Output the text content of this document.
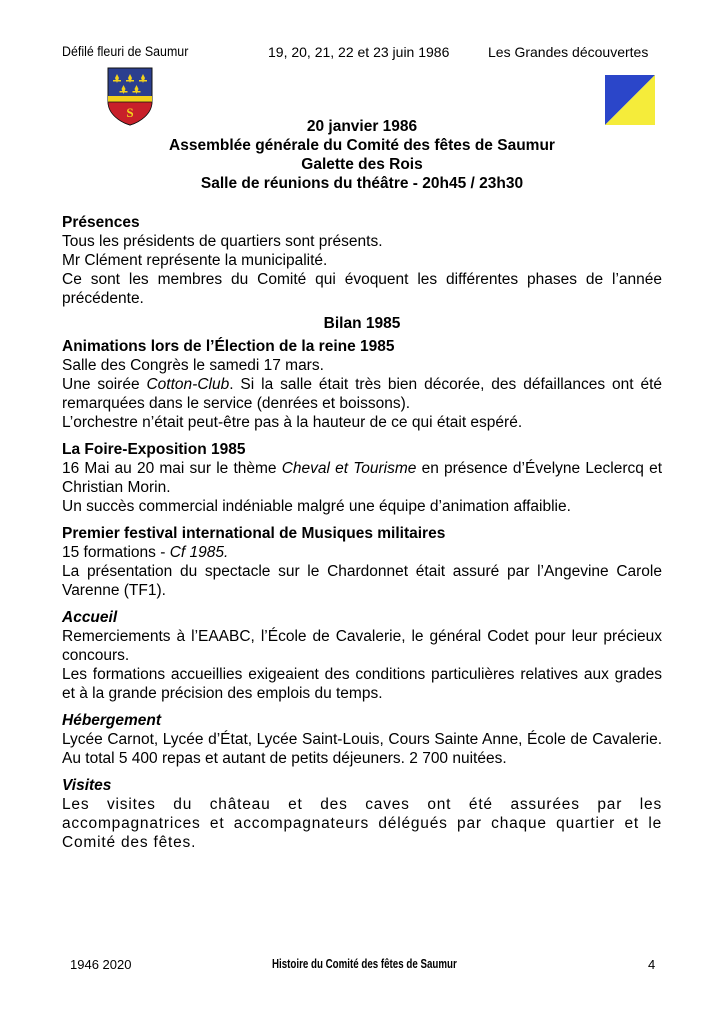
Défilé fleuri de Saumur	19, 20, 21, 22 et 23 juin 1986	Les Grandes découvertes
S
20 janvier 1986
Assemblée générale du Comité des fêtes de Saumur
Galette des Rois
Salle de réunions du théâtre - 20h45 / 23h30

Présences

Tous les présidents de quartiers sont présents.

Mr Clément représente la municipalité.

Ce sont les membres du Comité qui évoquent les différentes phases de l’année précédente.

Bilan 1985

Animations lors de l’Élection de la reine 1985

Salle des Congrès le samedi 17 mars.

Une soirée Cotton-Club. Si la salle était très bien décorée, des défaillances ont été remarquées dans le service (denrées et boissons).

L’orchestre n’était peut-être pas à la hauteur de ce qui était espéré.

La Foire-Exposition 1985

16 Mai au 20 mai sur le thème Cheval et Tourisme en présence d’Évelyne Leclercq et Christian Morin.

Un succès commercial indéniable malgré une équipe d’animation affaiblie.

Premier festival international de Musiques militaires

15 formations - Cf 1985.

La présentation du spectacle sur le Chardonnet était assuré par l’Angevine Carole Varenne (TF1).

Accueil

Remerciements à l’EAABC, l’École de Cavalerie, le général Codet pour leur précieux concours.

Les formations accueillies exigeaient des conditions particulières relatives aux grades et à la grande précision des emplois du temps.

Hébergement

Lycée Carnot, Lycée d’État, Lycée Saint-Louis, Cours Sainte Anne, École de Cavalerie. Au total 5 400 repas et autant de petits déjeuners. 2 700 nuitées.

Visites

Les visites du château et des caves ont été assurées par les accompagnatrices et accompagnateurs délégués par chaque quartier et le Comité des fêtes.

1946 2020	Histoire du Comité des fêtes de Saumur	4
